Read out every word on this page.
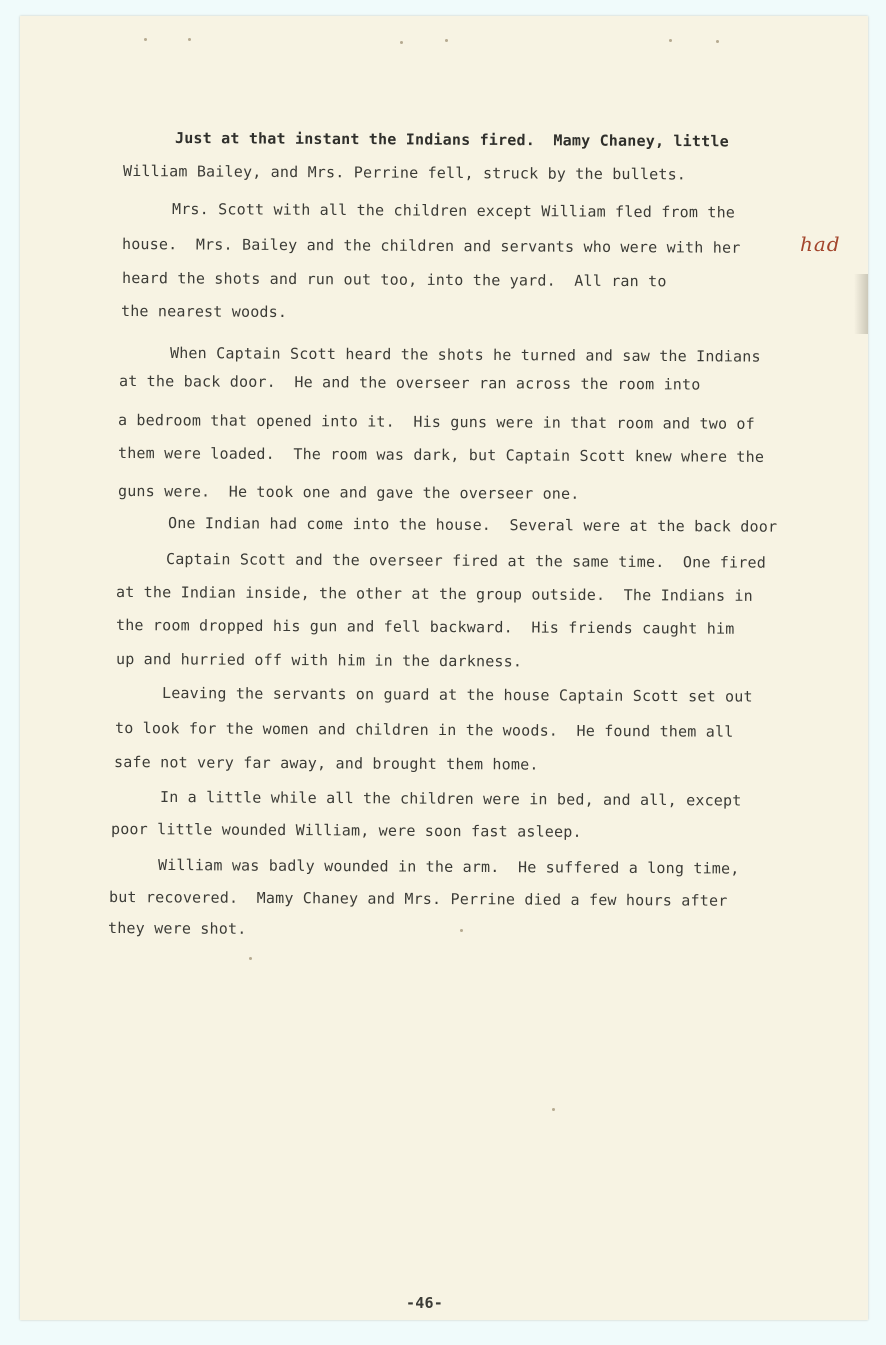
Just at that instant the Indians fired.  Mamy Chaney, little
William Bailey, and Mrs. Perrine fell, struck by the bullets.
Mrs. Scott with all the children except William fled from the
house.  Mrs. Bailey and the children and servants who were with her	had
heard the shots and run out too, into the yard.  All ran to
the nearest woods.
When Captain Scott heard the shots he turned and saw the Indians
at the back door.  He and the overseer ran across the room into
a bedroom that opened into it.  His guns were in that room and two of
them were loaded.  The room was dark, but Captain Scott knew where the
guns were.  He took one and gave the overseer one.
One Indian had come into the house.  Several were at the back door
Captain Scott and the overseer fired at the same time.  One fired
at the Indian inside, the other at the group outside.  The Indians in
the room dropped his gun and fell backward.  His friends caught him
up and hurried off with him in the darkness.
Leaving the servants on guard at the house Captain Scott set out
to look for the women and children in the woods.  He found them all
safe not very far away, and brought them home.
In a little while all the children were in bed, and all, except
poor little wounded William, were soon fast asleep.
William was badly wounded in the arm.  He suffered a long time,
but recovered.  Mamy Chaney and Mrs. Perrine died a few hours after
they were shot.
-46-
